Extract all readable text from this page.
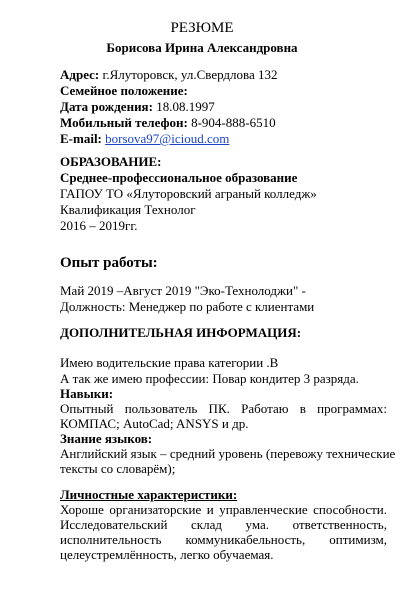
РЕЗЮМЕ
Борисова Ирина Александровна
Адрес: г.Ялуторовск, ул.Свердлова 132
Семейное положение:
Дата рождения: 18.08.1997
Мобильный телефон: 8-904-888-6510
E-mail: borsova97@icioud.com
ОБРАЗОВАНИЕ:
Среднее-профессиональное образование
ГАПОУ ТО «Ялуторовский аграный колледж»
Квалификация Технолог
2016 – 2019гг.
Опыт работы:
Май 2019 –Август 2019 "Эко-Технолоджи" -
Должность: Менеджер по работе с клиентами
ДОПОЛНИТЕЛЬНАЯ ИНФОРМАЦИЯ:
Имею водительские права категории .В
А так же имею профессии: Повар кондитер 3 разряда.
Навыки:
Опытный пользователь ПК. Работаю в программах:
КОМПАС; AutoCad; ANSYS и др.
Знание языков:
Английский язык – средний уровень (перевожу технические
тексты со словарём);
Личностные характеристики:
Хороше организаторские и управленческие способности.
Исследовательский склад ума. ответственность,
исполнительность коммуникабельность, оптимизм,
целеустремлённость, легко обучаемая.
